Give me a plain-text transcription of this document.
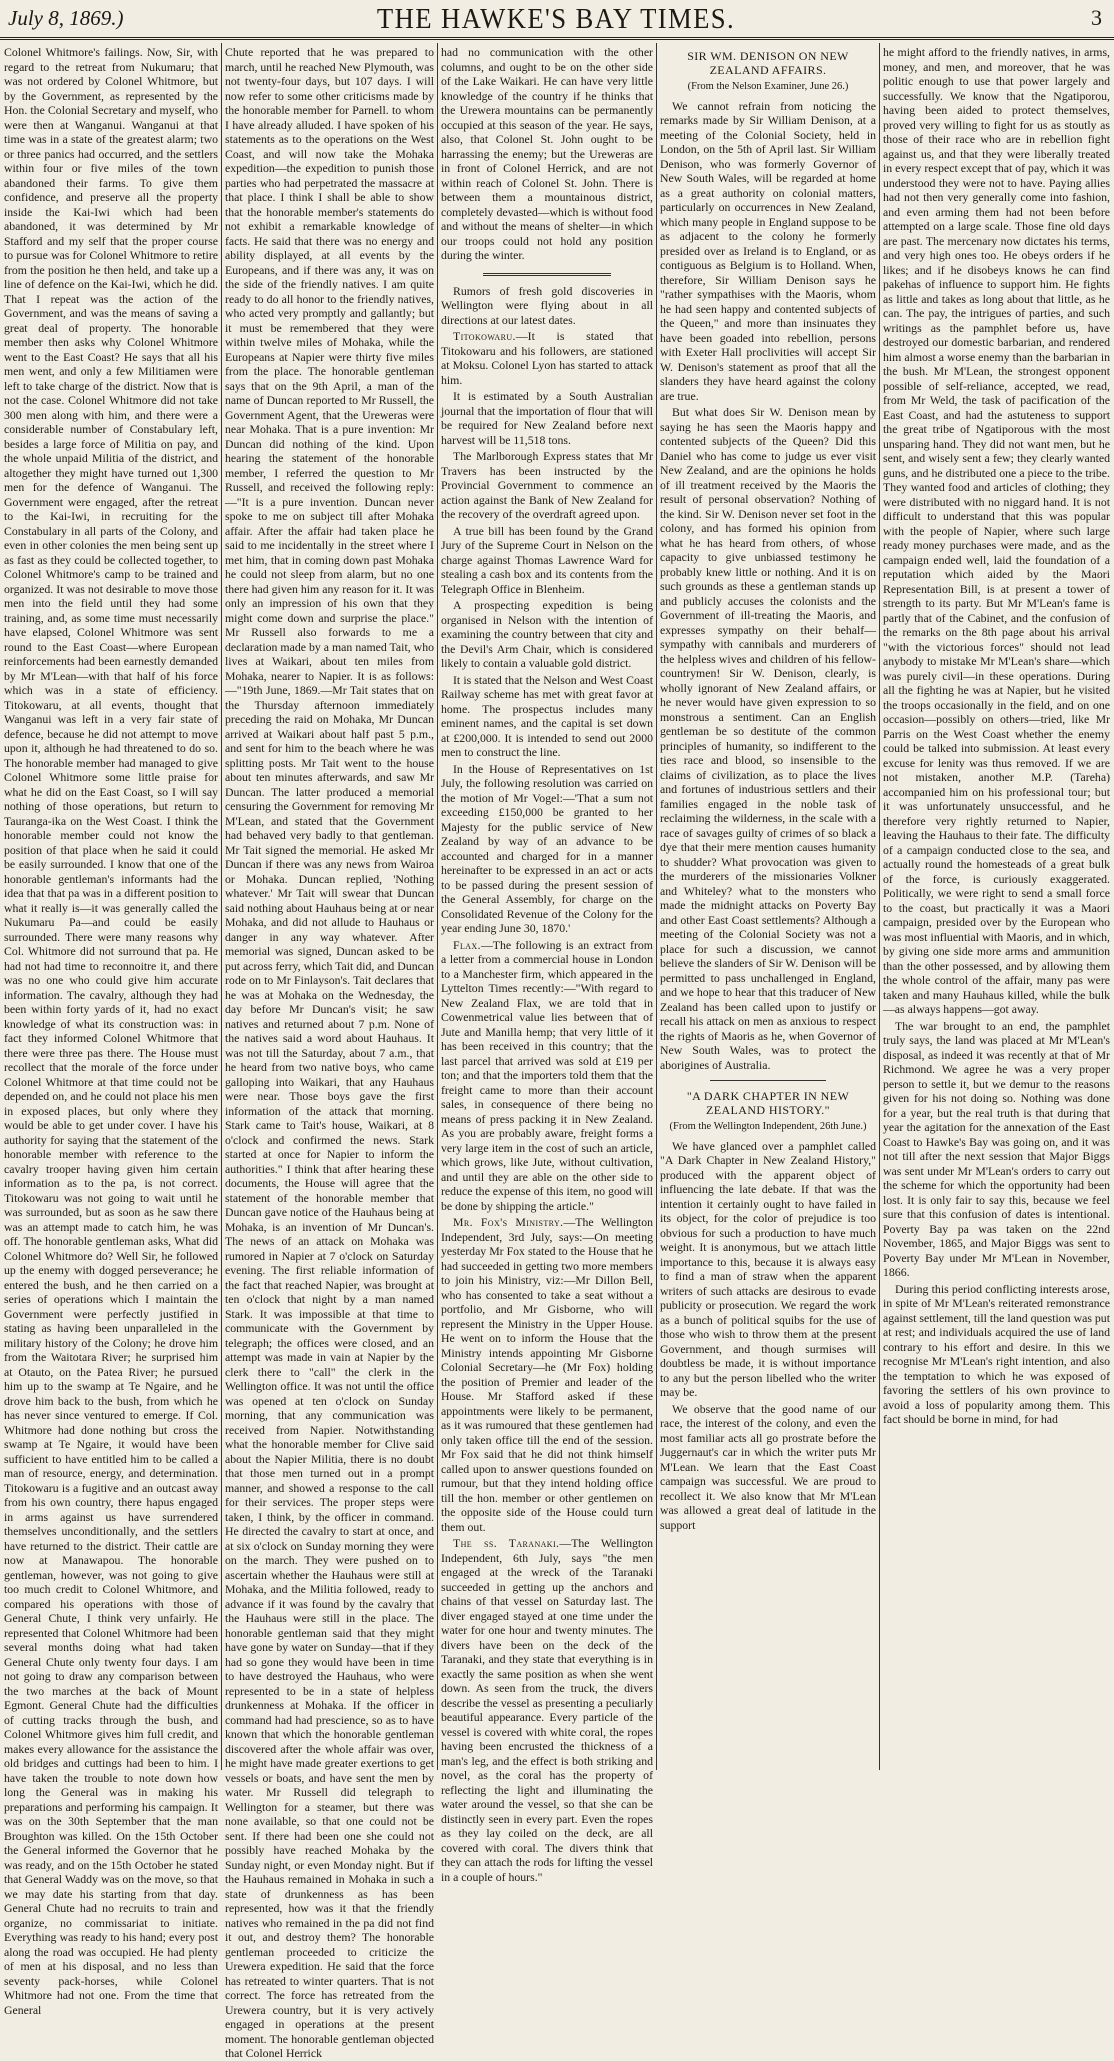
July 8, 1869.)	THE HAWKE'S BAY TIMES.	3

Colonel Whitmore's failings. Now, Sir, with regard to the retreat from Nukumaru; that was not ordered by Colonel Whitmore, but by the Government, as represented by the Hon. the Colonial Secretary and myself, who were then at Wanganui. Wanganui at that time was in a state of the greatest alarm; two or three panics had occurred, and the settlers within four or five miles of the town abandoned their farms. To give them confidence, and preserve all the property inside the Kai-Iwi which had been abandoned, it was determined by Mr Stafford and my self that the proper course to pursue was for Colonel Whitmore to retire from the position he then held, and take up a line of defence on the Kai-Iwi, which he did. That I repeat was the action of the Government, and was the means of saving a great deal of property. The honorable member then asks why Colonel Whitmore went to the East Coast? He says that all his men went, and only a few Militiamen were left to take charge of the district. Now that is not the case. Colonel Whitmore did not take 300 men along with him, and there were a considerable number of Constabulary left, besides a large force of Militia on pay, and the whole unpaid Militia of the district, and altogether they might have turned out 1,300 men for the defence of Wanganui. The Government were engaged, after the retreat to the Kai-Iwi, in recruiting for the Constabulary in all parts of the Colony, and even in other colonies the men being sent up as fast as they could be collected together, to Colonel Whitmore's camp to be trained and organized. It was not desirable to move those men into the field until they had some training, and, as some time must necessarily have elapsed, Colonel Whitmore was sent round to the East Coast—where European reinforcements had been earnestly demanded by Mr M'Lean—with that half of his force which was in a state of efficiency. Titokowaru, at all events, thought that Wanganui was left in a very fair state of defence, because he did not attempt to move upon it, although he had threatened to do so. The honorable member had managed to give Colonel Whitmore some little praise for what he did on the East Coast, so I will say nothing of those operations, but return to Tauranga-ika on the West Coast. I think the honorable member could not know the position of that place when he said it could be easily surrounded. I know that one of the honorable gentleman's informants had the idea that that pa was in a different position to what it really is—it was generally called the Nukumaru Pa—and could be easily surrounded. There were many reasons why Col. Whitmore did not surround that pa. He had not had time to reconnoitre it, and there was no one who could give him accurate information. The cavalry, although they had been within forty yards of it, had no exact knowledge of what its construction was: in fact they informed Colonel Whitmore that there were three pas there. The House must recollect that the morale of the force under Colonel Whitmore at that time could not be depended on, and he could not place his men in exposed places, but only where they would be able to get under cover. I have his authority for saying that the statement of the honorable member with reference to the cavalry trooper having given him certain information as to the pa, is not correct. Titokowaru was not going to wait until he was surrounded, but as soon as he saw there was an attempt made to catch him, he was off. The honorable gentleman asks, What did Colonel Whitmore do? Well Sir, he followed up the enemy with dogged perseverance; he entered the bush, and he then carried on a series of operations which I maintain the Government were perfectly justified in stating as having been unparalleled in the military history of the Colony; he drove him from the Waitotara River; he surprised him at Otauto, on the Patea River; he pursued him up to the swamp at Te Ngaire, and he drove him back to the bush, from which he has never since ventured to emerge. If Col. Whitmore had done nothing but cross the swamp at Te Ngaire, it would have been sufficient to have entitled him to be called a man of resource, energy, and determination. Titokowaru is a fugitive and an outcast away from his own country, there hapus engaged in arms against us have surrendered themselves unconditionally, and the settlers have returned to the district. Their cattle are now at Manawapou. The honorable gentleman, however, was not going to give too much credit to Colonel Whitmore, and compared his operations with those of General Chute, I think very unfairly. He represented that Colonel Whitmore had been several months doing what had taken General Chute only twenty four days. I am not going to draw any comparison between the two marches at the back of Mount Egmont. General Chute had the difficulties of cutting tracks through the bush, and Colonel Whitmore gives him full credit, and makes every allowance for the assistance the old bridges and cuttings had been to him. I have taken the trouble to note down how long the General was in making his preparations and performing his campaign. It was on the 30th September that the man Broughton was killed. On the 15th October the General informed the Governor that he was ready, and on the 15th October he stated that General Waddy was on the move, so that we may date his starting from that day. General Chute had no recruits to train and organize, no commissariat to initiate. Everything was ready to his hand; every post along the road was occupied. He had plenty of men at his disposal, and no less than seventy pack-horses, while Colonel Whitmore had not one. From the time that General

Chute reported that he was prepared to march, until he reached New Plymouth, was not twenty-four days, but 107 days. I will now refer to some other criticisms made by the honorable member for Parnell. to whom I have already alluded. I have spoken of his statements as to the operations on the West Coast, and will now take the Mohaka expedition—the expedition to punish those parties who had perpetrated the massacre at that place. I think I shall be able to show that the honorable member's statements do not exhibit a remarkable knowledge of facts. He said that there was no energy and ability displayed, at all events by the Europeans, and if there was any, it was on the side of the friendly natives. I am quite ready to do all honor to the friendly natives, who acted very promptly and gallantly; but it must be remembered that they were within twelve miles of Mohaka, while the Europeans at Napier were thirty five miles from the place. The honorable gentleman says that on the 9th April, a man of the name of Duncan reported to Mr Russell, the Government Agent, that the Ureweras were near Mohaka. That is a pure invention: Mr Duncan did nothing of the kind. Upon hearing the statement of the honorable member, I referred the question to Mr Russell, and received the following reply:—"It is a pure invention. Duncan never spoke to me on subject till after Mohaka affair. After the affair had taken place he said to me incidentally in the street where I met him, that in coming down past Mohaka he could not sleep from alarm, but no one there had given him any reason for it. It was only an impression of his own that they might come down and surprise the place." Mr Russell also forwards to me a declaration made by a man named Tait, who lives at Waikari, about ten miles from Mohaka, nearer to Napier. It is as follows:—"19th June, 1869.—Mr Tait states that on the Thursday afternoon immediately preceding the raid on Mohaka, Mr Duncan arrived at Waikari about half past 5 p.m., and sent for him to the beach where he was splitting posts. Mr Tait went to the house about ten minutes afterwards, and saw Mr Duncan. The latter produced a memorial censuring the Government for removing Mr M'Lean, and stated that the Government had behaved very badly to that gentleman. Mr Tait signed the memorial. He asked Mr Duncan if there was any news from Wairoa or Mohaka. Duncan replied, 'Nothing whatever.' Mr Tait will swear that Duncan said nothing about Hauhaus being at or near Mohaka, and did not allude to Hauhaus or danger in any way whatever. After memorial was signed, Duncan asked to be put across ferry, which Tait did, and Duncan rode on to Mr Finlayson's. Tait declares that he was at Mohaka on the Wednesday, the day before Mr Duncan's visit; he saw natives and returned about 7 p.m. None of the natives said a word about Hauhaus. It was not till the Saturday, about 7 a.m., that he heard from two native boys, who came galloping into Waikari, that any Hauhaus were near. Those boys gave the first information of the attack that morning. Stark came to Tait's house, Waikari, at 8 o'clock and confirmed the news. Stark started at once for Napier to inform the authorities." I think that after hearing these documents, the House will agree that the statement of the honorable member that Duncan gave notice of the Hauhaus being at Mohaka, is an invention of Mr Duncan's. The news of an attack on Mohaka was rumored in Napier at 7 o'clock on Saturday evening. The first reliable information of the fact that reached Napier, was brought at ten o'clock that night by a man named Stark. It was impossible at that time to communicate with the Government by telegraph; the offices were closed, and an attempt was made in vain at Napier by the clerk there to "call" the clerk in the Wellington office. It was not until the office was opened at ten o'clock on Sunday morning, that any communication was received from Napier. Notwithstanding what the honorable member for Clive said about the Napier Militia, there is no doubt that those men turned out in a prompt manner, and showed a response to the call for their services. The proper steps were taken, I think, by the officer in command. He directed the cavalry to start at once, and at six o'clock on Sunday morning they were on the march. They were pushed on to ascertain whether the Hauhaus were still at Mohaka, and the Militia followed, ready to advance if it was found by the cavalry that the Hauhaus were still in the place. The honorable gentleman said that they might have gone by water on Sunday—that if they had so gone they would have been in time to have destroyed the Hauhaus, who were represented to be in a state of helpless drunkenness at Mohaka. If the officer in command had had prescience, so as to have known that which the honorable gentleman discovered after the whole affair was over, he might have made greater exertions to get vessels or boats, and have sent the men by water. Mr Russell did telegraph to Wellington for a steamer, but there was none available, so that one could not be sent. If there had been one she could not possibly have reached Mohaka by the Sunday night, or even Monday night. But if the Hauhaus remained in Mohaka in such a state of drunkenness as has been represented, how was it that the friendly natives who remained in the pa did not find it out, and destroy them? The honorable gentleman proceeded to criticize the Urewera expedition. He said that the force has retreated to winter quarters. That is not correct. The force has retreated from the Urewera country, but it is very actively engaged in operations at the present moment. The honorable gentleman objected that Colonel Herrick

had no communication with the other columns, and ought to be on the other side of the Lake Waikari. He can have very little knowledge of the country if he thinks that the Urewera mountains can be permanently occupied at this season of the year. He says, also, that Colonel St. John ought to be harrassing the enemy; but the Ureweras are in front of Colonel Herrick, and are not within reach of Colonel St. John. There is between them a mountainous district, completely devasted—which is without food and without the means of shelter—in which our troops could not hold any position during the winter.

Rumors of fresh gold discoveries in Wellington were flying about in all directions at our latest dates.

Titokowaru.—It is stated that Titokowaru and his followers, are stationed at Moksu. Colonel Lyon has started to attack him.

It is estimated by a South Australian journal that the importation of flour that will be required for New Zealand before next harvest will be 11,518 tons.

The Marlborough Express states that Mr Travers has been instructed by the Provincial Government to commence an action against the Bank of New Zealand for the recovery of the overdraft agreed upon.

A true bill has been found by the Grand Jury of the Supreme Court in Nelson on the charge against Thomas Lawrence Ward for stealing a cash box and its contents from the Telegraph Office in Blenheim.

A prospecting expedition is being organised in Nelson with the intention of examining the country between that city and the Devil's Arm Chair, which is considered likely to contain a valuable gold district.

It is stated that the Nelson and West Coast Railway scheme has met with great favor at home. The prospectus includes many eminent names, and the capital is set down at £200,000. It is intended to send out 2000 men to construct the line.

In the House of Representatives on 1st July, the following resolution was carried on the motion of Mr Vogel:—'That a sum not exceeding £150,000 be granted to her Majesty for the public service of New Zealand by way of an advance to be accounted and charged for in a manner hereinafter to be expressed in an act or acts to be passed during the present session of the General Assembly, for charge on the Consolidated Revenue of the Colony for the year ending June 30, 1870.'

Flax.—The following is an extract from a letter from a commercial house in London to a Manchester firm, which appeared in the Lyttelton Times recently:—"With regard to New Zealand Flax, we are told that in Cowenmetrical value lies between that of Jute and Manilla hemp; that very little of it has been received in this country; that the last parcel that arrived was sold at £19 per ton; and that the importers told them that the freight came to more than their account sales, in consequence of there being no means of press packing it in New Zealand. As you are probably aware, freight forms a very large item in the cost of such an article, which grows, like Jute, without cultivation, and until they are able on the other side to reduce the expense of this item, no good will be done by shipping the article."

Mr. Fox's Ministry.—The Wellington Independent, 3rd July, says:—On meeting yesterday Mr Fox stated to the House that he had succeeded in getting two more members to join his Ministry, viz:—Mr Dillon Bell, who has consented to take a seat without a portfolio, and Mr Gisborne, who will represent the Ministry in the Upper House. He went on to inform the House that the Ministry intends appointing Mr Gisborne Colonial Secretary—he (Mr Fox) holding the position of Premier and leader of the House. Mr Stafford asked if these appointments were likely to be permanent, as it was rumoured that these gentlemen had only taken office till the end of the session. Mr Fox said that he did not think himself called upon to answer questions founded on rumour, but that they intend holding office till the hon. member or other gentlemen on the opposite side of the House could turn them out.

The ss. Taranaki.—The Wellington Independent, 6th July, says "the men engaged at the wreck of the Taranaki succeeded in getting up the anchors and chains of that vessel on Saturday last. The diver engaged stayed at one time under the water for one hour and twenty minutes. The divers have been on the deck of the Taranaki, and they state that everything is in exactly the same position as when she went down. As seen from the truck, the divers describe the vessel as presenting a peculiarly beautiful appearance. Every particle of the vessel is covered with white coral, the ropes having been encrusted the thickness of a man's leg, and the effect is both striking and novel, as the coral has the property of reflecting the light and illuminating the water around the vessel, so that she can be distinctly seen in every part. Even the ropes as they lay coiled on the deck, are all covered with coral. The divers think that they can attach the rods for lifting the vessel in a couple of hours."

SIR WM. DENISON ON NEW ZEALAND AFFAIRS.
(From the Nelson Examiner, June 26.)

We cannot refrain from noticing the remarks made by Sir William Denison, at a meeting of the Colonial Society, held in London, on the 5th of April last. Sir William Denison, who was formerly Governor of New South Wales, will be regarded at home as a great authority on colonial matters, particularly on occurrences in New Zealand, which many people in England suppose to be as adjacent to the colony he formerly presided over as Ireland is to England, or as contiguous as Belgium is to Holland. When, therefore, Sir William Denison says he "rather sympathises with the Maoris, whom he had seen happy and contented subjects of the Queen," and more than insinuates they have been goaded into rebellion, persons with Exeter Hall proclivities will accept Sir W. Denison's statement as proof that all the slanders they have heard against the colony are true.

But what does Sir W. Denison mean by saying he has seen the Maoris happy and contented subjects of the Queen? Did this Daniel who has come to judge us ever visit New Zealand, and are the opinions he holds of ill treatment received by the Maoris the result of personal observation? Nothing of the kind. Sir W. Denison never set foot in the colony, and has formed his opinion from what he has heard from others, of whose capacity to give unbiassed testimony he probably knew little or nothing. And it is on such grounds as these a gentleman stands up and publicly accuses the colonists and the Government of ill-treating the Maoris, and expresses sympathy on their behalf—sympathy with cannibals and murderers of the helpless wives and children of his fellow-countrymen! Sir W. Denison, clearly, is wholly ignorant of New Zealand affairs, or he never would have given expression to so monstrous a sentiment. Can an English gentleman be so destitute of the common principles of humanity, so indifferent to the ties race and blood, so insensible to the claims of civilization, as to place the lives and fortunes of industrious settlers and their families engaged in the noble task of reclaiming the wilderness, in the scale with a race of savages guilty of crimes of so black a dye that their mere mention causes humanity to shudder? What provocation was given to the murderers of the missionaries Volkner and Whiteley? what to the monsters who made the midnight attacks on Poverty Bay and other East Coast settlements? Although a meeting of the Colonial Society was not a place for such a discussion, we cannot believe the slanders of Sir W. Denison will be permitted to pass unchallenged in England, and we hope to hear that this traducer of New Zealand has been called upon to justify or recall his attack on men as anxious to respect the rights of Maoris as he, when Governor of New South Wales, was to protect the aborigines of Australia.

"A DARK CHAPTER IN NEW ZEALAND HISTORY."
(From the Wellington Independent, 26th June.)

We have glanced over a pamphlet called "A Dark Chapter in New Zealand History," produced with the apparent object of influencing the late debate. If that was the intention it certainly ought to have failed in its object, for the color of prejudice is too obvious for such a production to have much weight. It is anonymous, but we attach little importance to this, because it is always easy to find a man of straw when the apparent writers of such attacks are desirous to evade publicity or prosecution. We regard the work as a bunch of political squibs for the use of those who wish to throw them at the present Government, and though surmises will doubtless be made, it is without importance to any but the person libelled who the writer may be.

We observe that the good name of our race, the interest of the colony, and even the most familiar acts all go prostrate before the Juggernaut's car in which the writer puts Mr M'Lean. We learn that the East Coast campaign was successful. We are proud to recollect it. We also know that Mr M'Lean was allowed a great deal of latitude in the support

he might afford to the friendly natives, in arms, money, and men, and moreover, that he was politic enough to use that power largely and successfully. We know that the Ngatiporou, having been aided to protect themselves, proved very willing to fight for us as stoutly as those of their race who are in rebellion fight against us, and that they were liberally treated in every respect except that of pay, which it was understood they were not to have. Paying allies had not then very generally come into fashion, and even arming them had not been before attempted on a large scale. Those fine old days are past. The mercenary now dictates his terms, and very high ones too. He obeys orders if he likes; and if he disobeys knows he can find pakehas of influence to support him. He fights as little and takes as long about that little, as he can. The pay, the intrigues of parties, and such writings as the pamphlet before us, have destroyed our domestic barbarian, and rendered him almost a worse enemy than the barbarian in the bush. Mr M'Lean, the strongest opponent possible of self-reliance, accepted, we read, from Mr Weld, the task of pacification of the East Coast, and had the astuteness to support the great tribe of Ngatiporous with the most unsparing hand. They did not want men, but he sent, and wisely sent a few; they clearly wanted guns, and he distributed one a piece to the tribe. They wanted food and articles of clothing; they were distributed with no niggard hand. It is not difficult to understand that this was popular with the people of Napier, where such large ready money purchases were made, and as the campaign ended well, laid the foundation of a reputation which aided by the Maori Representation Bill, is at present a tower of strength to its party. But Mr M'Lean's fame is partly that of the Cabinet, and the confusion of the remarks on the 8th page about his arrival "with the victorious forces" should not lead anybody to mistake Mr M'Lean's share—which was purely civil—in these operations. During all the fighting he was at Napier, but he visited the troops occasionally in the field, and on one occasion—possibly on others—tried, like Mr Parris on the West Coast whether the enemy could be talked into submission. At least every excuse for lenity was thus removed. If we are not mistaken, another M.P. (Tareha) accompanied him on his professional tour; but it was unfortunately unsuccessful, and he therefore very rightly returned to Napier, leaving the Hauhaus to their fate. The difficulty of a campaign conducted close to the sea, and actually round the homesteads of a great bulk of the force, is curiously exaggerated. Politically, we were right to send a small force to the coast, but practically it was a Maori campaign, presided over by the European who was most influential with Maoris, and in which, by giving one side more arms and ammunition than the other possessed, and by allowing them the whole control of the affair, many pas were taken and many Hauhaus killed, while the bulk—as always happens—got away.

The war brought to an end, the pamphlet truly says, the land was placed at Mr M'Lean's disposal, as indeed it was recently at that of Mr Richmond. We agree he was a very proper person to settle it, but we demur to the reasons given for his not doing so. Nothing was done for a year, but the real truth is that during that year the agitation for the annexation of the East Coast to Hawke's Bay was going on, and it was not till after the next session that Major Biggs was sent under Mr M'Lean's orders to carry out the scheme for which the opportunity had been lost. It is only fair to say this, because we feel sure that this confusion of dates is intentional. Poverty Bay pa was taken on the 22nd November, 1865, and Major Biggs was sent to Poverty Bay under Mr M'Lean in November, 1866.

During this period conflicting interests arose, in spite of Mr M'Lean's reiterated remonstrance against settlement, till the land question was put at rest; and individuals acquired the use of land contrary to his effort and desire. In this we recognise Mr M'Lean's right intention, and also the temptation to which he was exposed of favoring the settlers of his own province to avoid a loss of popularity among them. This fact should be borne in mind, for had
